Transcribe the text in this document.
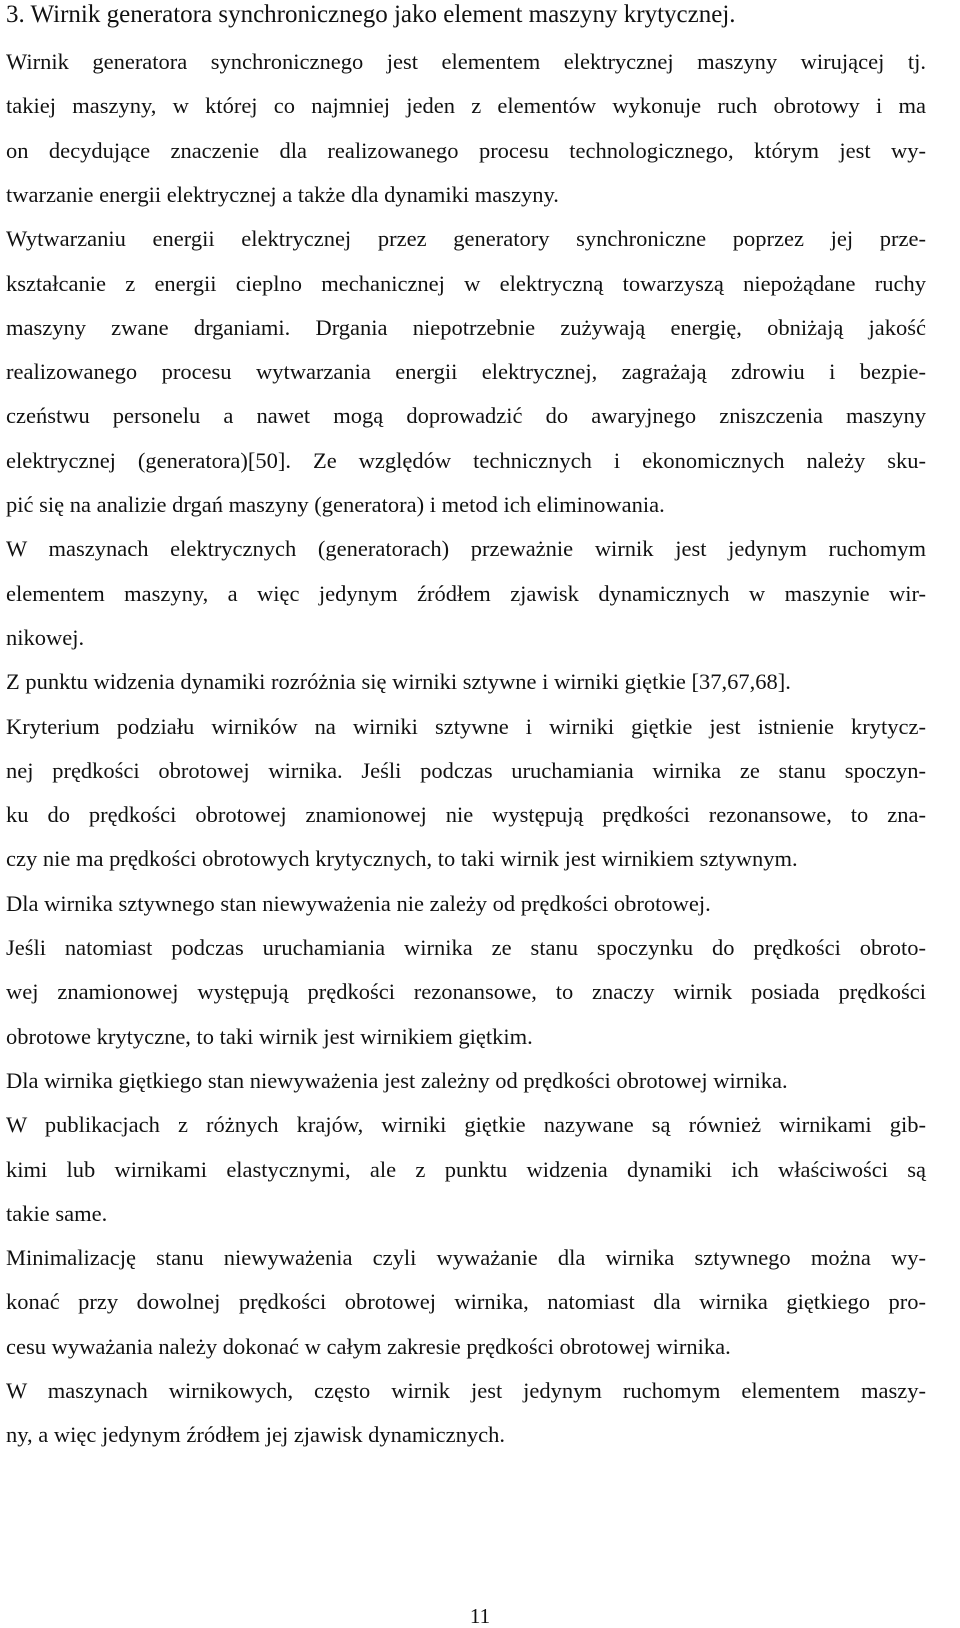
3. Wirnik generatora synchronicznego jako element maszyny krytycznej.
Wirnik generatora synchronicznego jest elementem elektrycznej maszyny wirującej tj.
takiej maszyny, w której co najmniej jeden z elementów wykonuje ruch obrotowy i ma
on decydujące znaczenie dla realizowanego procesu technologicznego, którym jest wy-
twarzanie energii elektrycznej a także dla dynamiki maszyny.
Wytwarzaniu energii elektrycznej przez generatory synchroniczne poprzez jej prze-
kształcanie z energii cieplno mechanicznej w elektryczną towarzyszą niepożądane ruchy
maszyny zwane drganiami. Drgania niepotrzebnie zużywają energię, obniżają jakość
realizowanego procesu wytwarzania energii elektrycznej, zagrażają zdrowiu i bezpie-
czeństwu personelu a nawet mogą doprowadzić do awaryjnego zniszczenia maszyny
elektrycznej (generatora)[50]. Ze względów technicznych i ekonomicznych należy sku-
pić się na analizie drgań maszyny (generatora) i metod ich eliminowania.
W maszynach elektrycznych (generatorach) przeważnie wirnik jest jedynym ruchomym
elementem maszyny, a więc jedynym źródłem zjawisk dynamicznych w maszynie wir-
nikowej.
Z punktu widzenia dynamiki rozróżnia się wirniki sztywne i wirniki giętkie [37,67,68].
Kryterium podziału wirników na wirniki sztywne i wirniki giętkie jest istnienie krytycz-
nej prędkości obrotowej wirnika. Jeśli podczas uruchamiania wirnika ze stanu spoczyn-
ku do prędkości obrotowej znamionowej nie występują prędkości rezonansowe, to zna-
czy nie ma prędkości obrotowych krytycznych, to taki wirnik jest wirnikiem sztywnym.
Dla wirnika sztywnego stan niewyważenia nie zależy od prędkości obrotowej.
Jeśli natomiast podczas uruchamiania wirnika ze stanu spoczynku do prędkości obroto-
wej znamionowej występują prędkości rezonansowe, to znaczy wirnik posiada prędkości
obrotowe krytyczne, to taki wirnik jest wirnikiem giętkim.
Dla wirnika giętkiego stan niewyważenia jest zależny od prędkości obrotowej wirnika.
W publikacjach z różnych krajów, wirniki giętkie nazywane są również wirnikami gib-
kimi lub wirnikami elastycznymi, ale z punktu widzenia dynamiki ich właściwości są
takie same.
Minimalizację stanu niewyważenia czyli wyważanie dla wirnika sztywnego można wy-
konać przy dowolnej prędkości obrotowej wirnika, natomiast dla wirnika giętkiego pro-
cesu wyważania należy dokonać w całym zakresie prędkości obrotowej wirnika.
W maszynach wirnikowych, często wirnik jest jedynym ruchomym elementem maszy-
ny, a więc jedynym źródłem jej zjawisk dynamicznych.
11
